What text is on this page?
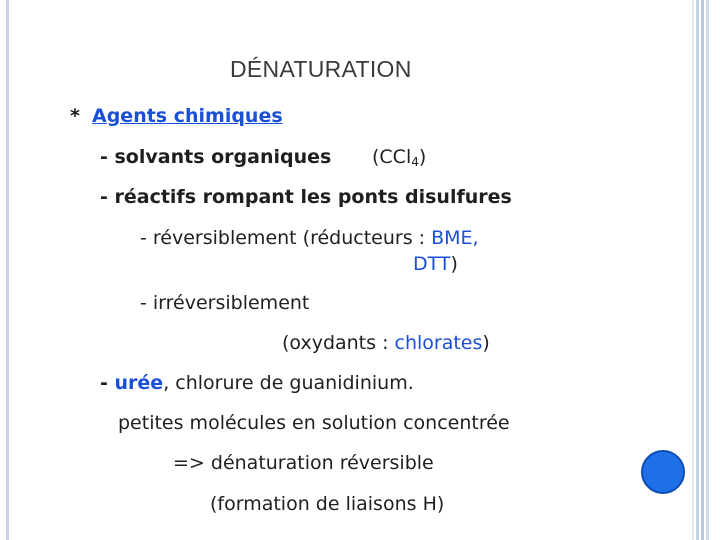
DÉNATURATION
* Agents chimiques
- solvants organiques (CCl$_4$)
- réactifs rompant les ponts disulfures
- réversiblement (réducteurs : BME,
DTT)
- irréversiblement
(oxydants : chlorates)
- urée, chlorure de guanidinium.
petites molécules en solution concentrée
=> dénaturation réversible
(formation de liaisons H)
